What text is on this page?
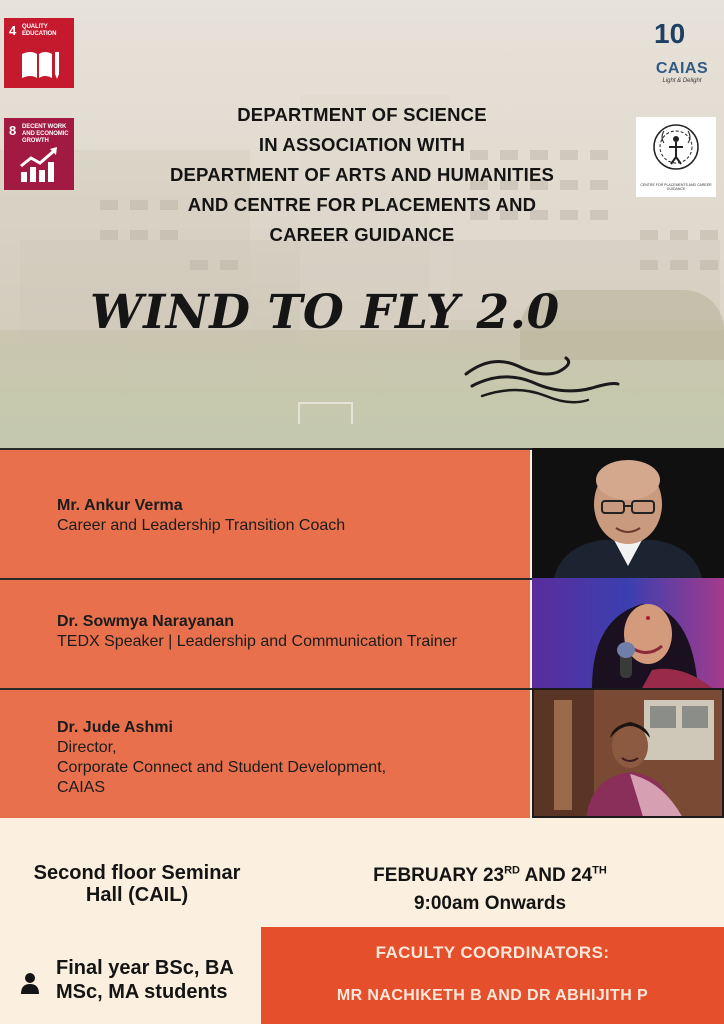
4 QUALITY EDUCATION
8 DECENT WORK AND ECONOMIC GROWTH
10
CAIAS
Light & Delight
CENTRE FOR PLACEMENTS AND CAREER GUIDANCE
DEPARTMENT OF SCIENCE
IN ASSOCIATION WITH
DEPARTMENT OF ARTS AND HUMANITIES
AND CENTRE FOR PLACEMENTS AND
CAREER GUIDANCE
WIND TO FLY 2.0
Mr. Ankur Verma
Career and Leadership Transition Coach
Dr. Sowmya Narayanan
TEDX Speaker | Leadership and Communication Trainer
Dr. Jude Ashmi
Director,
Corporate Connect and Student Development,
CAIAS
Second floor Seminar
Hall (CAIL)
FEBRUARY 23RD AND 24TH
9:00am Onwards
Final year BSc, BA
MSc, MA students
FACULTY COORDINATORS:
MR NACHIKETH B AND DR ABHIJITH P
